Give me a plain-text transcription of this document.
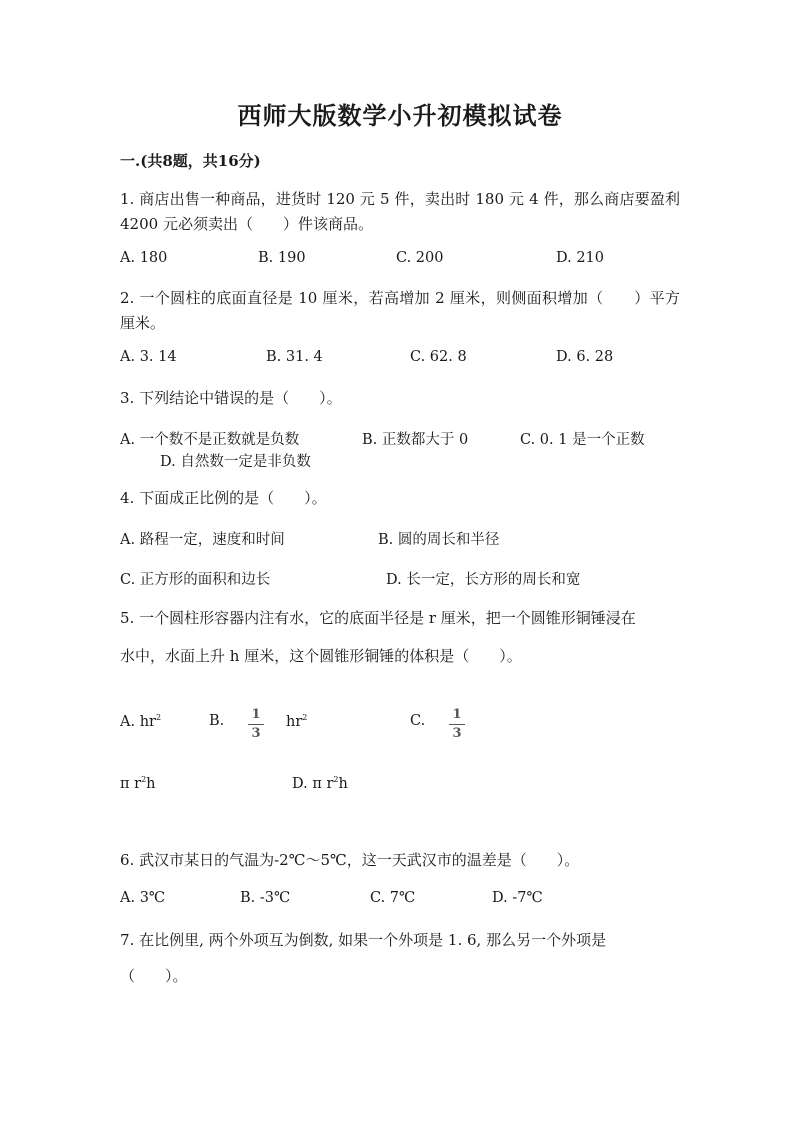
西师大版数学小升初模拟试卷
一.(共8题，共16分)
1. 商店出售一种商品，进货时 120 元 5 件，卖出时 180 元 4 件，那么商店要盈利 4200 元必须卖出（　　）件该商品。
A. 180	B. 190	C. 200	D. 210
2. 一个圆柱的底面直径是 10 厘米，若高增加 2 厘米，则侧面积增加（　　）平方厘米。
A. 3. 14	B. 31. 4	C. 62. 8	D. 6. 28
3. 下列结论中错误的是（　　）。
A. 一个数不是正数就是负数	B. 正数都大于 0	C. 0. 1 是一个正数
D. 自然数一定是非负数
4. 下面成正比例的是（　　）。
A. 路程一定，速度和时间	B. 圆的周长和半径
C. 正方形的面积和边长	D. 长一定，长方形的周长和宽
5. 一个圆柱形容器内注有水，它的底面半径是 r 厘米，把一个圆锥形铜锤浸在
水中，水面上升 h 厘米，这个圆锥形铜锤的体积是（　　）。
A. $hr^2$	B. 1
3
$hr^2$	C. 1
3
π $r^2h$	D. π $r^2h$
6. 武汉市某日的气温为-2℃～5℃，这一天武汉市的温差是（　　）。
A. 3℃	B. -3℃	C. 7℃	D. -7℃
7. 在比例里, 两个外项互为倒数, 如果一个外项是 1. 6, 那么另一个外项是
（　　）。
